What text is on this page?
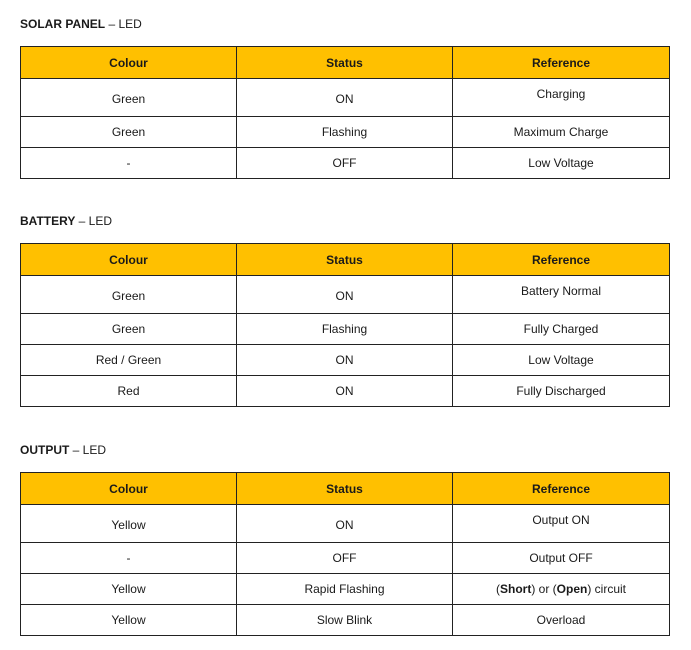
SOLAR PANEL – LED
Colour	Status	Reference
Green	ON	Charging
Green	Flashing	Maximum Charge
-	OFF	Low Voltage
BATTERY – LED
Colour	Status	Reference
Green	ON	Battery Normal
Green	Flashing	Fully Charged
Red / Green	ON	Low Voltage
Red	ON	Fully Discharged
OUTPUT – LED
Colour	Status	Reference
Yellow	ON	Output ON
-	OFF	Output OFF
Yellow	Rapid Flashing	(Short) or (Open) circuit
Yellow	Slow Blink	Overload
